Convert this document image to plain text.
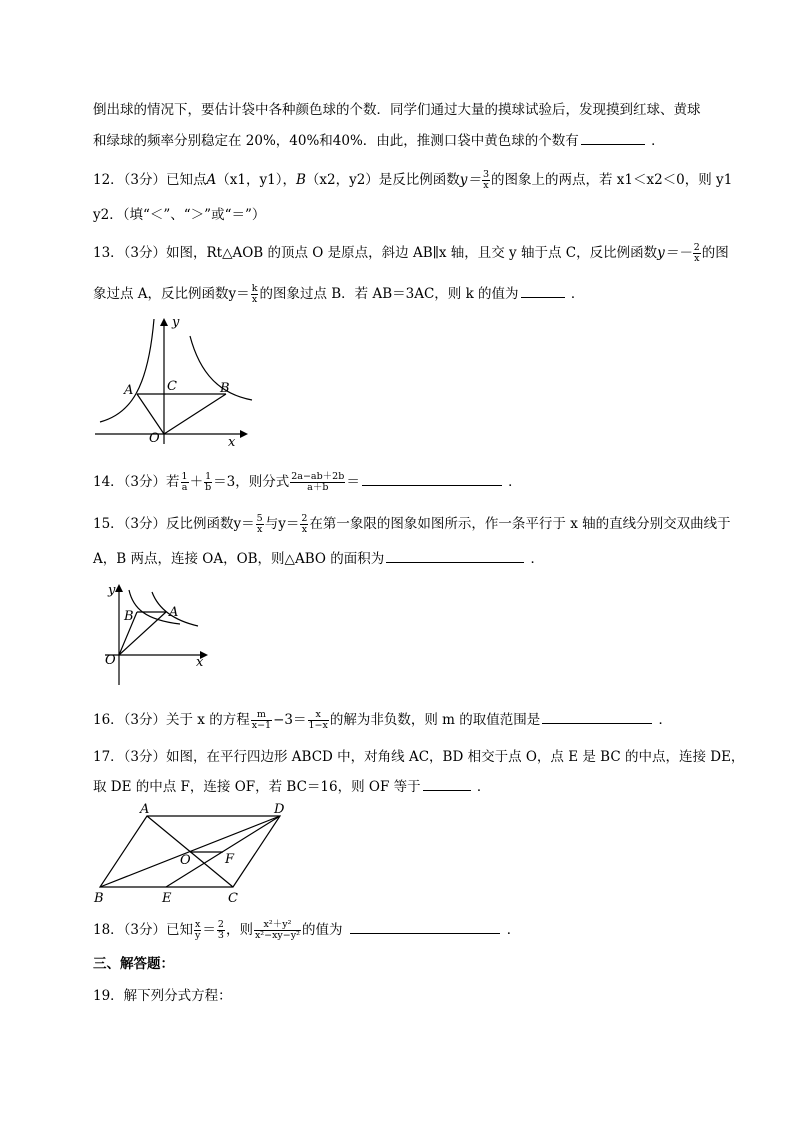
倒出球的情况下，要估计袋中各种颜色球的个数．同学们通过大量的摸球试验后，发现摸到红球、黄球
和绿球的频率分别稳定在 20%，40%和40%．由此，推测口袋中黄色球的个数有	．
12．（3分）已知点A（x1，y1），B（x2，y2）是反比例函数$y= \frac{3}{x}$ 的图象上的两点，若 x1＜x2＜0，则 y1
y2．（填“＜”、“＞”或“＝”）
13．（3分）如图，Rt△AOB 的顶点 O 是原点，斜边 AB∥x 轴，且交 y 轴于点 C，反比例函数$y=- \frac{2}{x}$ 的图
象过点 A，反比例函数$y= \frac{k}{x}$ 的图象过点 B．若 AB＝3AC，则 k 的值为	．
y
x
A	B
C
O
14．（3分）若 $\frac{1}{a} + \frac{1}{b} =3$，则分式 $\frac{2a-ab+2b}{a+b}$ ＝	．
15．（3分）反比例函数$y= \frac{5}{x}$ 与$y= \frac{2}{x}$ 在第一象限的图象如图所示，作一条平行于 x 轴的直线分别交双曲线于
A，B 两点，连接 OA，OB，则△ABO 的面积为	．
y
x
B	A
O
16．（3分）关于 x 的方程 $\frac{m}{x-1} -3= \frac{x}{1-x}$ 的解为非负数，则 m 的取值范围是	．
17．（3分）如图，在平行四边形 ABCD 中，对角线 AC，BD 相交于点 O，点 E 是 BC 的中点，连接 DE，
取 DE 的中点 F，连接 OF，若 BC＝16，则 OF 等于	．
A	D
B	C
E
F
O
18．（3分）已知 $\frac{x}{y} = \frac{2}{3}$ ，则 $\frac{\text{x²＋y²}}{\text{x²−xy−y²}}$ 的值为	．
三、解答题：
19．解下列分式方程：
